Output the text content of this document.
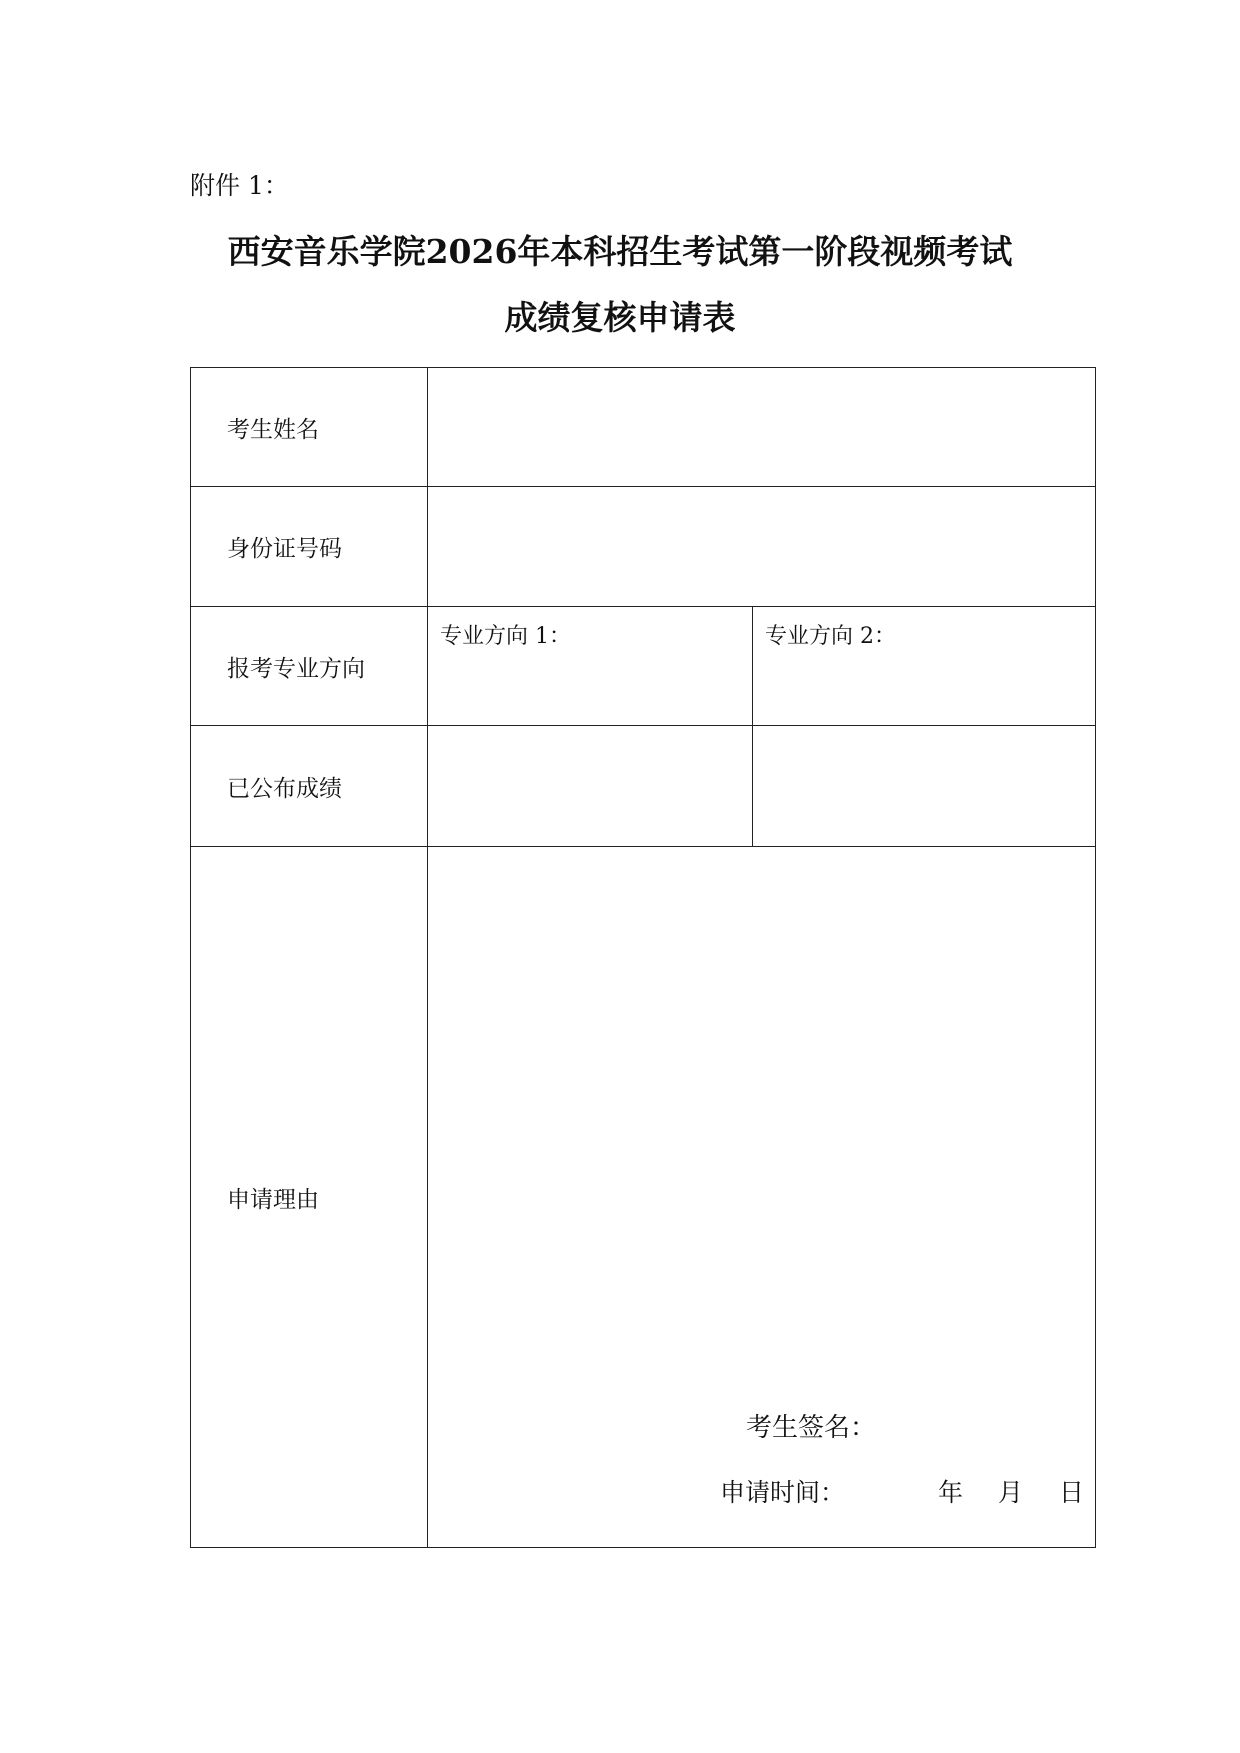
附件 1：
西安音乐学院2026年本科招生考试第一阶段视频考试
成绩复核申请表
考生姓名		
身份证号码		
报考专业方向	专业方向 1：	专业方向 2：
已公布成绩		
申请理由		
考生签名：
申请时间：	年 月 日
